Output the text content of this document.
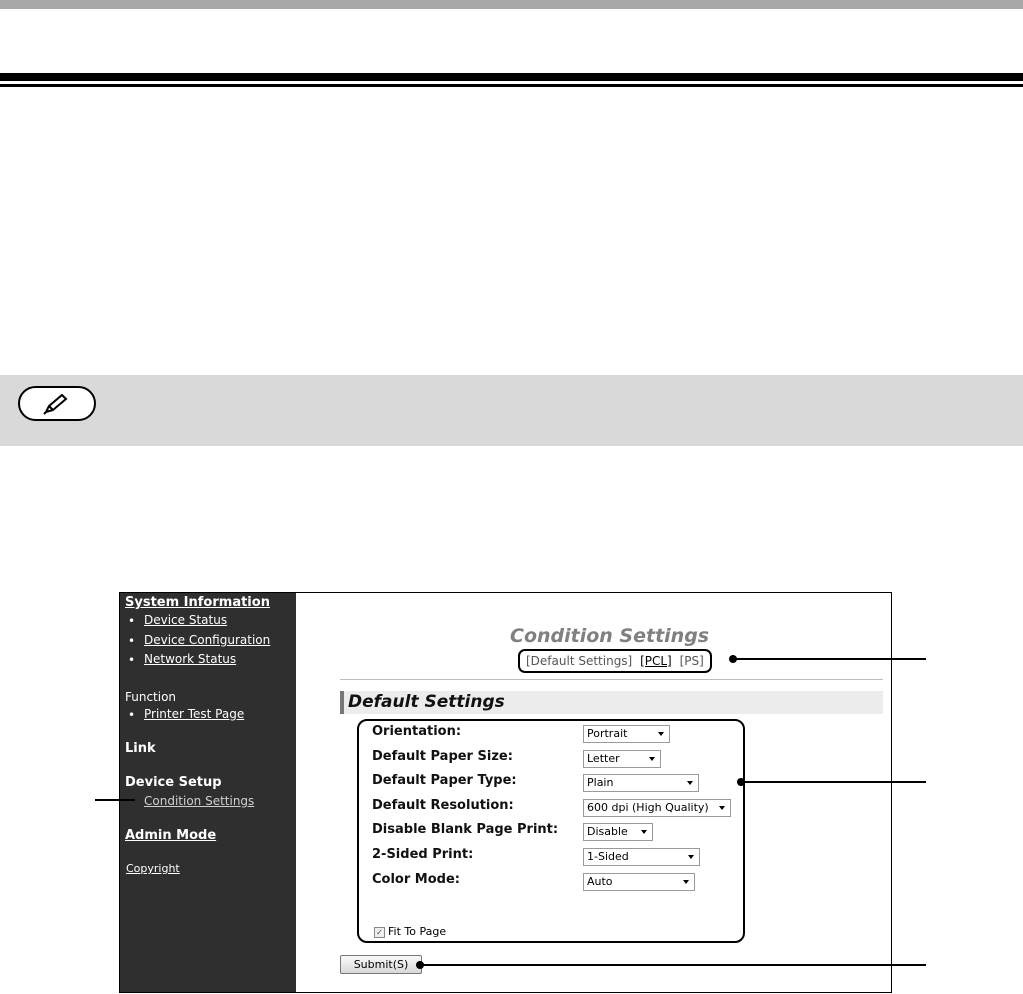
System Information
• Device Status
• Device Configuration
• Network Status
Function
• Printer Test Page
Link
Device Setup
Condition Settings
Admin Mode
Copyright
Condition Settings
[Default Settings] [PCL] [PS]
Default Settings
Orientation:	Portrait
Default Paper Size:	Letter
Default Paper Type:	Plain
Default Resolution:	600 dpi (High Quality)
Disable Blank Page Print:	Disable
2-Sided Print:	1-Sided
Color Mode:	Auto
✓ Fit To Page
Submit(S)
